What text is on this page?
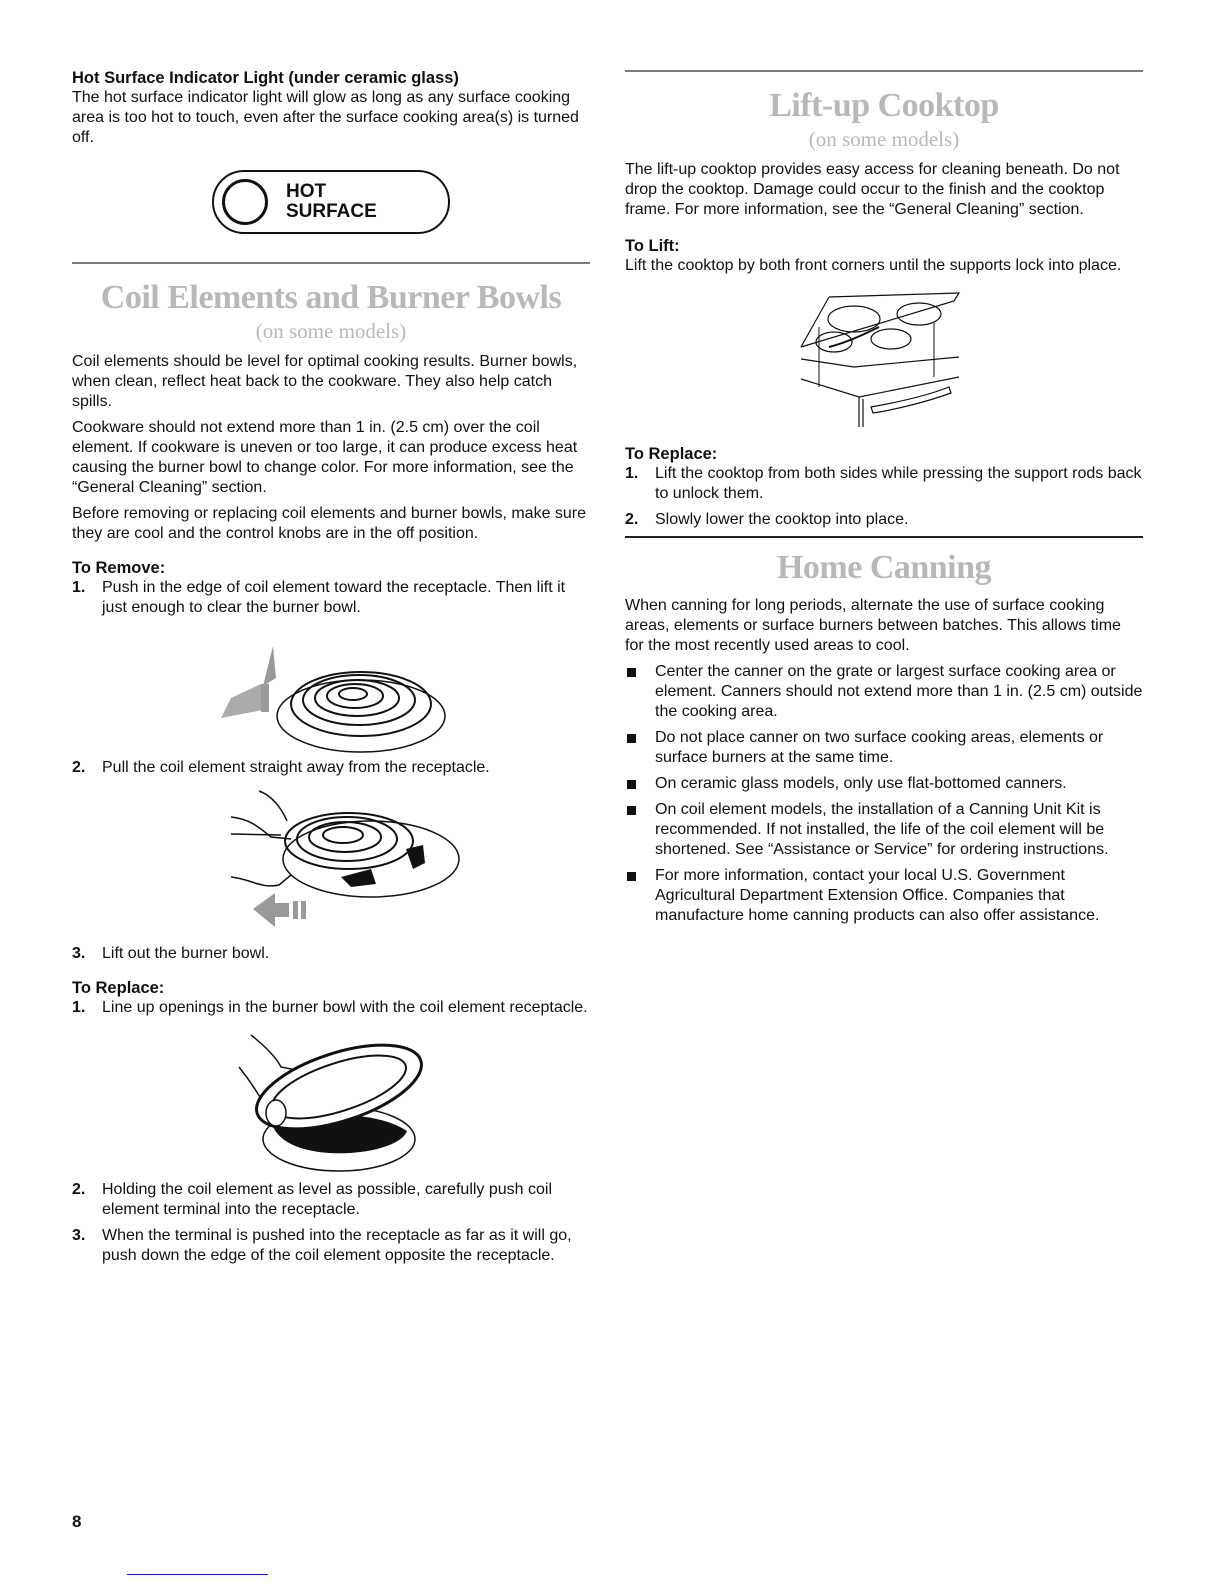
Hot Surface Indicator Light (under ceramic glass)

The hot surface indicator light will glow as long as any surface cooking area is too hot to touch, even after the surface cooking area(s) is turned off.

HOT
SURFACE
Coil Elements and Burner Bowls
(on some models)

Coil elements should be level for optimal cooking results. Burner bowls, when clean, reflect heat back to the cookware. They also help catch spills.

Cookware should not extend more than 1 in. (2.5 cm) over the coil element. If cookware is uneven or too large, it can produce excess heat causing the burner bowl to change color. For more information, see the “General Cleaning” section.

Before removing or replacing coil elements and burner bowls, make sure they are cool and the control knobs are in the off position.

To Remove:
1. Push in the edge of coil element toward the receptacle. Then lift it just enough to clear the burner bowl.
2. Pull the coil element straight away from the receptacle.
3. Lift out the burner bowl.
To Replace:
1. Line up openings in the burner bowl with the coil element receptacle.
2. Holding the coil element as level as possible, carefully push coil element terminal into the receptacle.
3. When the terminal is pushed into the receptacle as far as it will go, push down the edge of the coil element opposite the receptacle.
Lift-up Cooktop
(on some models)

The lift-up cooktop provides easy access for cleaning beneath. Do not drop the cooktop. Damage could occur to the finish and the cooktop frame. For more information, see the “General Cleaning” section.

To Lift:

Lift the cooktop by both front corners until the supports lock into place.

To Replace:
1. Lift the cooktop from both sides while pressing the support rods back to unlock them.
2. Slowly lower the cooktop into place.
Home Canning

When canning for long periods, alternate the use of surface cooking areas, elements or surface burners between batches. This allows time for the most recently used areas to cool.

Center the canner on the grate or largest surface cooking area or element. Canners should not extend more than 1 in. (2.5 cm) outside the cooking area.
Do not place canner on two surface cooking areas, elements or surface burners at the same time.
On ceramic glass models, only use flat-bottomed canners.
On coil element models, the installation of a Canning Unit Kit is recommended. If not installed, the life of the coil element will be shortened. See “Assistance or Service” for ordering instructions.
For more information, contact your local U.S. Government Agricultural Department Extension Office. Companies that manufacture home canning products can also offer assistance.
8
